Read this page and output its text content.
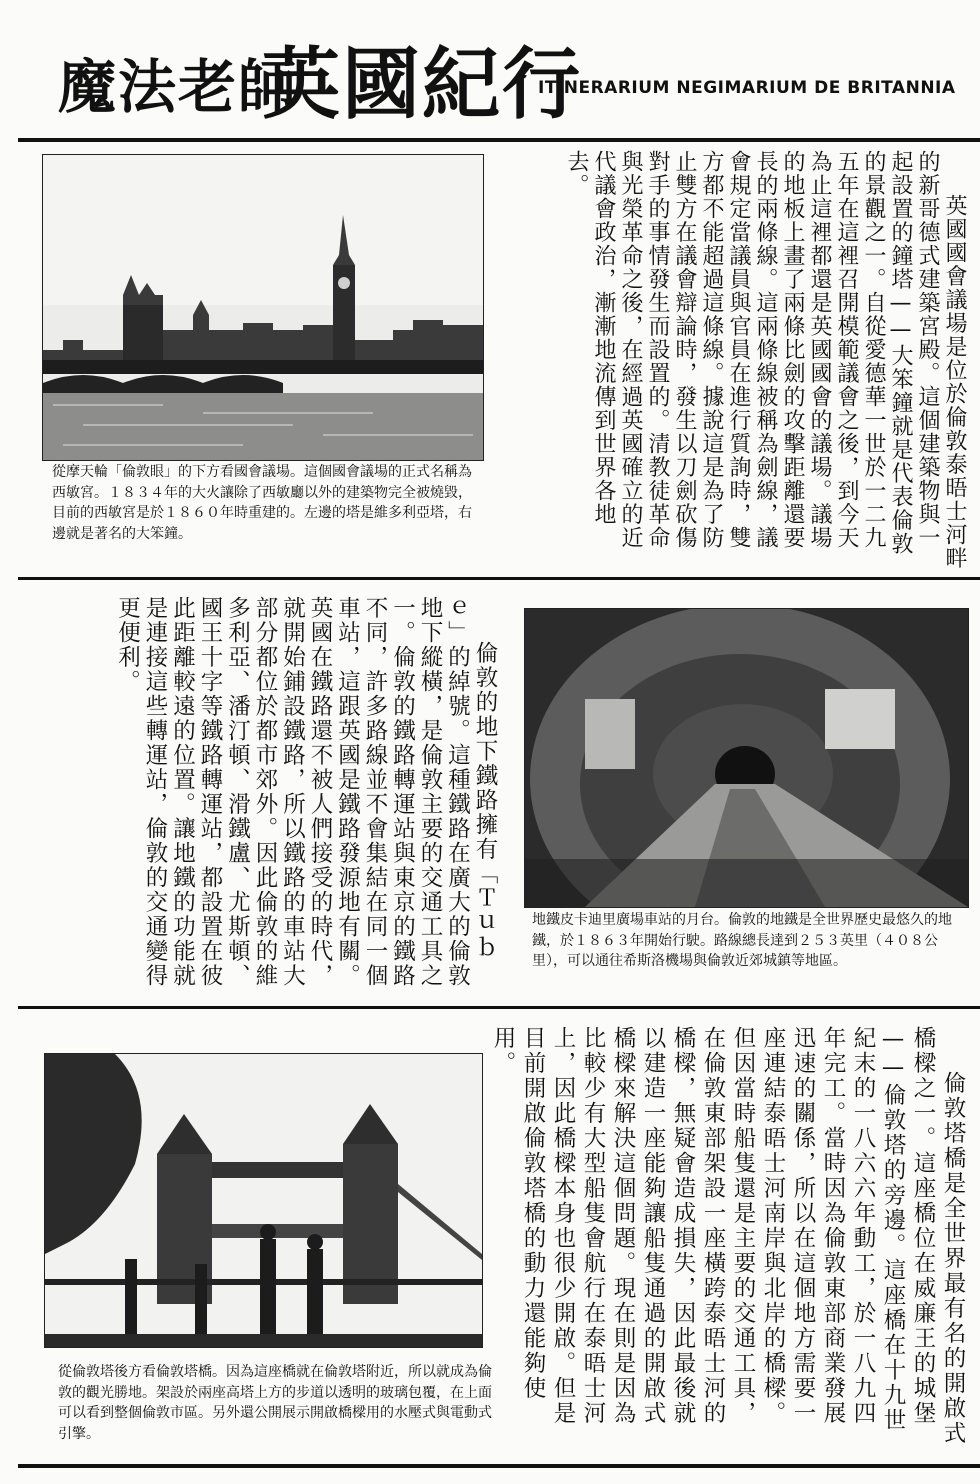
魔法老師
英國紀行
ITINERARIUM NEGIMARIUM DE BRITANNIA
從摩天輪「倫敦眼」的下方看國會議場。這個國會議場的正式名稱為西敏宮。１８３４年的大火讓除了西敏廳以外的建築物完全被燒毀，目前的西敏宮是於１８６０年時重建的。左邊的塔是維多利亞塔，右邊就是著名的大笨鐘。	英國國會議場是位於倫敦泰晤士河畔的新哥德式建築宮殿。這個建築物與一起設置的鐘塔——大笨鐘就是代表倫敦的景觀之一。自從愛德華一世於一二九五年在這裡召開模範議會之後，到今天為止這裡都還是英國國會的議場。議場的地板上畫了兩條比劍的攻擊距離還要長的兩條線。這兩條線被稱為劍線，議會規定當議員與官員在進行質詢時，雙方都不能超過這條線。據說這是為了防止雙方在議會辯論時，發生以刀劍砍傷對手的事情發生而設置的。清教徒革命與光榮革命之後，在經過英國確立的近代議會政治，漸漸地流傳到世界各地去。

倫敦的地下鐵路擁有「Ｔｕｂｅ」的綽號。這種鐵路在廣大的倫敦地下縱橫，是倫敦主要的交通工具之一。倫敦的鐵路轉運站與東京的鐵路不同，許多路線並不會集結在同一個車站，這跟英國是鐵路發源地有關。英國在鐵路還不被人們接受的時代，就開始鋪設鐵路，所以鐵路的車站大部分都位於都市郊外。因此倫敦的維多利亞、潘汀頓、滑鐵盧、尤斯頓、國王十字等鐵路轉運站，都設置在彼此距離較遠的位置。讓地鐵的功能就是連接這些轉運站，倫敦的交通變得更便利。

地鐵皮卡迪里廣場車站的月台。倫敦的地鐵是全世界歷史最悠久的地鐵，於１８６３年開始行駛。路線總長達到２５３英里（４０８公里），可以通往希斯洛機場與倫敦近郊城鎮等地區。
從倫敦塔後方看倫敦塔橋。因為這座橋就在倫敦塔附近，所以就成為倫敦的觀光勝地。架設於兩座高塔上方的步道以透明的玻璃包覆，在上面可以看到整個倫敦市區。另外還公開展示開啟橋樑用的水壓式與電動式引擎。	倫敦塔橋是全世界最有名的開啟式橋樑之一。這座橋位在威廉王的城堡——倫敦塔的旁邊。這座橋在十九世紀末的一八六六年動工，於一八九四年完工。當時因為倫敦東部商業發展迅速的關係，所以在這個地方需要一座連結泰晤士河南岸與北岸的橋樑。但因當時船隻還是主要的交通工具，在倫敦東部架設一座橫跨泰晤士河的橋樑，無疑會造成損失，因此最後就以建造一座能夠讓船隻通過的開啟式橋樑來解決這個問題。現在則是因為比較少有大型船隻會航行在泰晤士河上，因此橋樑本身也很少開啟。但是目前開啟倫敦塔橋的動力還能夠使用。
